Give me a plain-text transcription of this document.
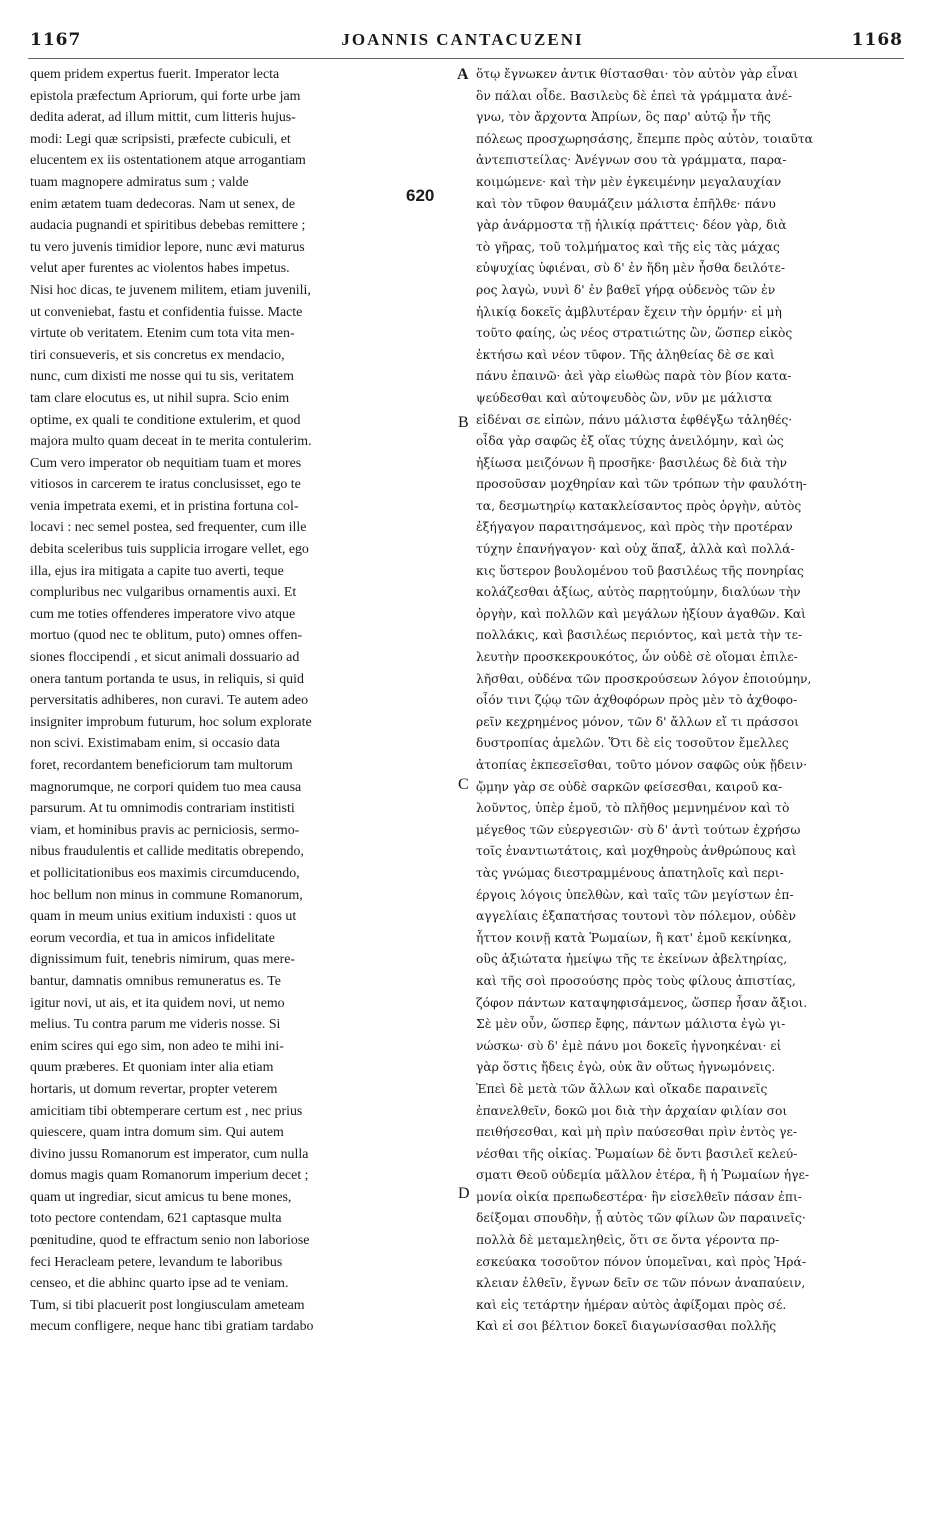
1167	JOANNIS CANTACUZENI	1168
quem pridem expertus fuerit. Imperator lecta
epistola præfectum Apriorum, qui forte urbe jam
dedita aderat, ad illum mittit, cum litteris hujus-
modi: Legi quæ scripsisti, præfecte cubiculi, et
elucentem ex iis ostentationem atque arrogantiam
tuam magnopere admiratus sum ; valde
enim ætatem tuam dedecoras. Nam ut senex, de
audacia pugnandi et spiritibus debebas remittere ;
tu vero juvenis timidior lepore, nunc ævi maturus
velut aper furentes ac violentos habes impetus.
Nisi hoc dicas, te juvenem militem, etiam juvenili,
ut conveniebat, fastu et confidentia fuisse. Macte
virtute ob veritatem. Etenim cum tota vita men-
tiri consueveris, et sis concretus ex mendacio,
nunc, cum dixisti me nosse qui tu sis, veritatem
tam clare elocutus es, ut nihil supra. Scio enim
optime, ex quali te conditione extulerim, et quod
majora multo quam deceat in te merita contulerim.
Cum vero imperator ob nequitiam tuam et mores
vitiosos in carcerem te iratus conclusisset, ego te
venia impetrata exemi, et in pristina fortuna col-
locavi : nec semel postea, sed frequenter, cum ille
debita sceleribus tuis supplicia irrogare vellet, ego
illa, ejus ira mitigata a capite tuo averti, teque
compluribus nec vulgaribus ornamentis auxi. Et
cum me toties offenderes imperatore vivo atque
mortuo (quod nec te oblitum, puto) omnes offen-
siones floccipendi , et sicut animali dossuario ad
onera tantum portanda te usus, in reliquis, si quid
perversitatis adhiberes, non curavi. Te autem adeo
insigniter improbum futurum, hoc solum explorate
non scivi. Existimabam enim, si occasio data
foret, recordantem beneficiorum tam multorum
magnorumque, ne corpori quidem tuo mea causa
parsurum. At tu omnimodis contrariam institisti
viam, et hominibus pravis ac perniciosis, sermo-
nibus fraudulentis et callide meditatis obrependo,
et pollicitationibus eos maximis circumducendo,
hoc bellum non minus in commune Romanorum,
quam in meum unius exitium induxisti : quos ut
eorum vecordia, et tua in amicos infidelitate
dignissimum fuit, tenebris nimirum, quas mere-
bantur, damnatis omnibus remuneratus es. Te
igitur novi, ut ais, et ita quidem novi, ut nemo
melius. Tu contra parum me videris nosse. Si
enim scires qui ego sim, non adeo te mihi ini-
quum præberes. Et quoniam inter alia etiam
hortaris, ut domum revertar, propter veterem
amicitiam tibi obtemperare certum est , nec prius
quiescere, quam intra domum sim. Qui autem
divino jussu Romanorum est imperator, cum nulla
domus magis quam Romanorum imperium decet ;
quam ut ingrediar, sicut amicus tu bene mones,
toto pectore contendam, 621 captasque multa
pœnitudine, quod te effractum senio non laboriose
feci Heracleam petere, levandum te laboribus
censeo, et die abhinc quarto ipse ad te veniam.
Tum, si tibi placuerit post longiusculam ameteam
mecum confligere, neque hanc tibi gratiam tardabo
ὅτῳ ἔγνωκεν ἀντικ θίστασθαι· τὸν αὐτὸν γὰρ εἶναι
ὃν πάλαι οἶδε. Βασιλεὺς δὲ ἐπεὶ τὰ γράμματα ἀνέ-
γνω, τὸν ἄρχοντα Ἀπρίων, ὃς παρ' αὐτῷ ἦν τῆς
πόλεως προσχωρησάσης, ἔπεμπε πρὸς αὐτὸν, τοιαῦτα
ἀντεπιστείλας· Ἀνέγνων σου τὰ γράμματα, παρα-
κοιμώμενε· καὶ τὴν μὲν ἐγκειμένην μεγαλαυχίαν
καὶ τὸν τῦφον θαυμάζειν μάλιστα ἐπῆλθε· πάνυ
γὰρ ἀνάρμοστα τῇ ἡλικίᾳ πράττεις· δέον γὰρ, διὰ
τὸ γῆρας, τοῦ τολμήματος καὶ τῆς εἰς τὰς μάχας
εὐψυχίας ὑφιέναι, σὺ δ' ἐν ἥδη μὲν ἦσθα δειλότε-
ρος λαγὼ, νυνὶ δ' ἐν βαθεῖ γήρᾳ οὐδενὸς τῶν ἐν
ἡλικίᾳ δοκεῖς ἀμβλυτέραν ἔχειν τὴν ὁρμήν· εἰ μὴ
τοῦτο φαίης, ὡς νέος στρατιώτης ὢν, ὥσπερ εἰκὸς
ἐκτήσω καὶ νέον τῦφον. Τῆς ἀληθείας δὲ σε καὶ
πάνυ ἐπαινῶ· ἀεὶ γὰρ εἰωθὼς παρὰ τὸν βίον κατα-
ψεύδεσθαι καὶ αὐτοψευδὸς ὢν, νῦν με μάλιστα
εἰδέναι σε εἰπὼν, πάνυ μάλιστα ἐφθέγξω τἀληθές·
οἶδα γὰρ σαφῶς ἐξ οἵας τύχης ἀνειλόμην, καὶ ὡς
ἠξίωσα μειζόνων ἢ προσῆκε· βασιλέως δὲ διὰ τὴν
προσοῦσαν μοχθηρίαν καὶ τῶν τρόπων τὴν φαυλότη-
τα, δεσμωτηρίῳ κατακλείσαντος πρὸς ὀργὴν, αὐτὸς
ἐξήγαγον παραιτησάμενος, καὶ πρὸς τὴν προτέραν
τύχην ἐπανήγαγον· καὶ οὐχ ἅπαξ, ἀλλὰ καὶ πολλά-
κις ὕστερον βουλομένου τοῦ βασιλέως τῆς πονηρίας
κολάζεσθαι ἀξίως, αὐτὸς παρῃτούμην, διαλύων τὴν
ὀργὴν, καὶ πολλῶν καὶ μεγάλων ἠξίουν ἀγαθῶν. Καὶ
πολλάκις, καὶ βασιλέως περιόντος, καὶ μετὰ τὴν τε-
λευτὴν προσκεκρουκότος, ὧν οὐδὲ σὲ οἴομαι ἐπιλε-
λῆσθαι, οὐδένα τῶν προσκρούσεων λόγον ἐποιούμην,
οἷόν τινι ζῴῳ τῶν ἀχθοφόρων πρὸς μὲν τὸ ἀχθοφο-
ρεῖν κεχρημένος μόνον, τῶν δ' ἄλλων εἴ τι πράσσοι
δυστροπίας ἀμελῶν. Ὅτι δὲ εἰς τοσοῦτον ἔμελλες
ἀτοπίας ἐκπεσεῖσθαι, τοῦτο μόνον σαφῶς οὐκ ᾔδειν·
ᾤμην γὰρ σε οὐδὲ σαρκῶν φείσεσθαι, καιροῦ κα-
λοῦντος, ὑπὲρ ἐμοῦ, τὸ πλῆθος μεμνημένον καὶ τὸ
μέγεθος τῶν εὐεργεσιῶν· σὺ δ' ἀντὶ τούτων ἐχρήσω
τοῖς ἐναντιωτάτοις, καὶ μοχθηροὺς ἀνθρώπους καὶ
τὰς γνώμας διεστραμμένους ἀπατηλοῖς καὶ περι-
έργοις λόγοις ὑπελθὼν, καὶ ταῖς τῶν μεγίστων ἐπ-
αγγελίαις ἐξαπατήσας τουτονὶ τὸν πόλεμον, οὐδὲν
ἧττον κοινῇ κατὰ Ῥωμαίων, ἢ κατ' ἐμοῦ κεκίνηκα,
οὓς ἀξιώτατα ἠμείψω τῆς τε ἐκείνων ἀβελτηρίας,
καὶ τῆς σοὶ προσούσης πρὸς τοὺς φίλους ἀπιστίας,
ζόφον πάντων καταψηφισάμενος, ὥσπερ ἦσαν ἄξιοι.
Σὲ μὲν οὖν, ὥσπερ ἔφης, πάντων μάλιστα ἐγὼ γι-
νώσκω· σὺ δ' ἐμὲ πάνυ μοι δοκεῖς ἠγνοηκέναι· εἰ
γὰρ ὅστις ἤδεις ἐγὼ, οὐκ ἂν οὕτως ἠγνωμόνεις.
Ἐπεὶ δὲ μετὰ τῶν ἄλλων καὶ οἴκαδε παραινεῖς
ἐπανελθεῖν, δοκῶ μοι διὰ τὴν ἀρχαίαν φιλίαν σοι
πειθήσεσθαι, καὶ μὴ πρὶν παύσεσθαι πρὶν ἐντὸς γε-
νέσθαι τῆς οἰκίας. Ῥωμαίων δὲ ὄντι βασιλεῖ κελεύ-
σματι Θεοῦ οὐδεμία μᾶλλον ἑτέρα, ἢ ἡ Ῥωμαίων ἡγε-
μονία οἰκία πρεπωδεστέρα· ἣν εἰσελθεῖν πάσαν ἐπι-
δείξομαι σπουδὴν, ᾗ αὐτὸς τῶν φίλων ὢν παραινεῖς·
πολλὰ δὲ μεταμεληθεὶς, ὅτι σε ὄντα γέροντα πρ-
εσκεύακα τοσοῦτον πόνον ὑπομεῖναι, καὶ πρὸς Ἡρά-
κλειαν ἐλθεῖν, ἔγνων δεῖν σε τῶν πόνων ἀναπαύειν,
καὶ εἰς τετάρτην ἡμέραν αὐτὸς ἀφίξομαι πρὸς σέ.
Καὶ εἰ σοι βέλτιον δοκεῖ διαγωνίσασθαι πολλῆς
A
B
C
D
620
